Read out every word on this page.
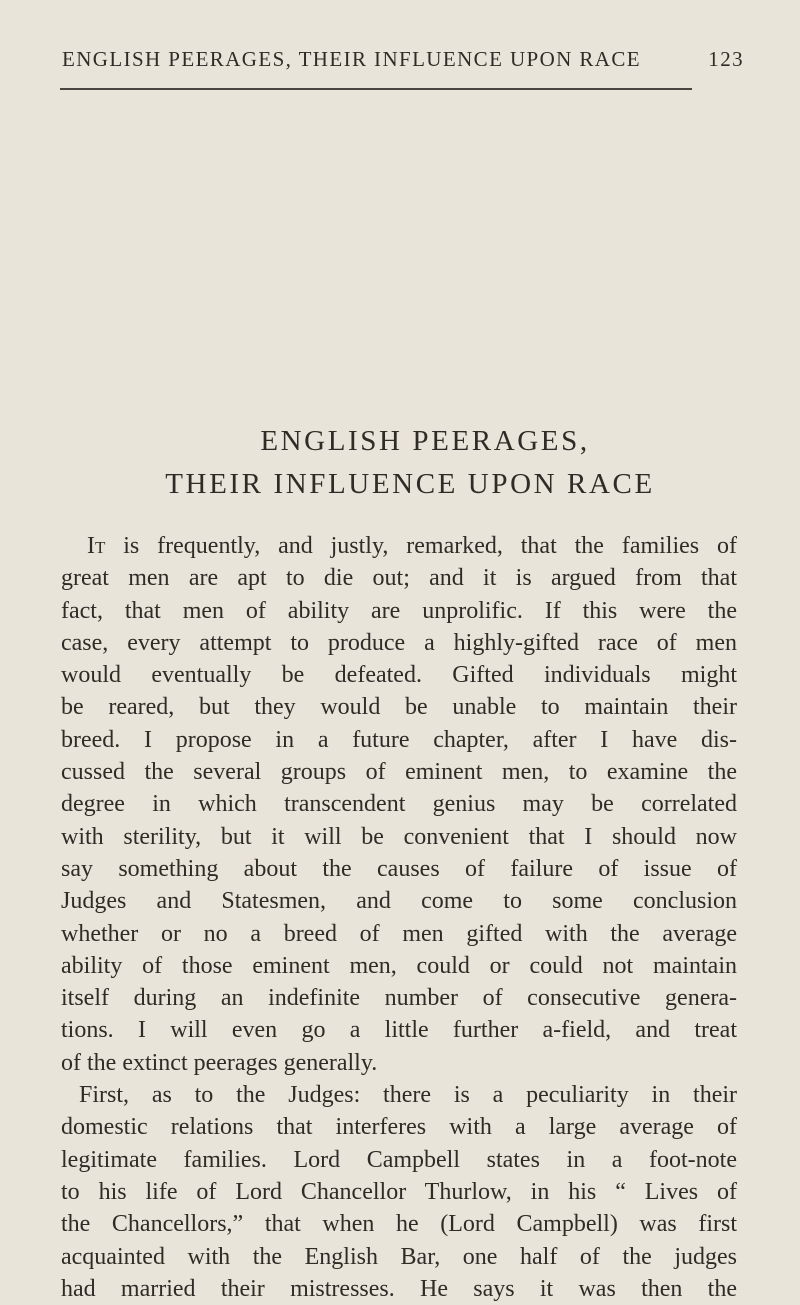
ENGLISH PEERAGES, THEIR INFLUENCE UPON RACE	123
ENGLISH PEERAGES,
THEIR INFLUENCE UPON RACE
It is frequently, and justly, remarked, that the families of
great men are apt to die out; and it is argued from that
fact, that men of ability are unprolific. If this were the
case, every attempt to produce a highly-gifted race of men
would eventually be defeated. Gifted individuals might
be reared, but they would be unable to maintain their
breed. I propose in a future chapter, after I have dis-
cussed the several groups of eminent men, to examine the
degree in which transcendent genius may be correlated
with sterility, but it will be convenient that I should now
say something about the causes of failure of issue of
Judges and Statesmen, and come to some conclusion
whether or no a breed of men gifted with the average
ability of those eminent men, could or could not maintain
itself during an indefinite number of consecutive genera-
tions. I will even go a little further a-field, and treat
of the extinct peerages generally.
First, as to the Judges: there is a peculiarity in their
domestic relations that interferes with a large average of
legitimate families. Lord Campbell states in a foot-note
to his life of Lord Chancellor Thurlow, in his “ Lives of
the Chancellors,” that when he (Lord Campbell) was first
acquainted with the English Bar, one half of the judges
had married their mistresses. He says it was then the
